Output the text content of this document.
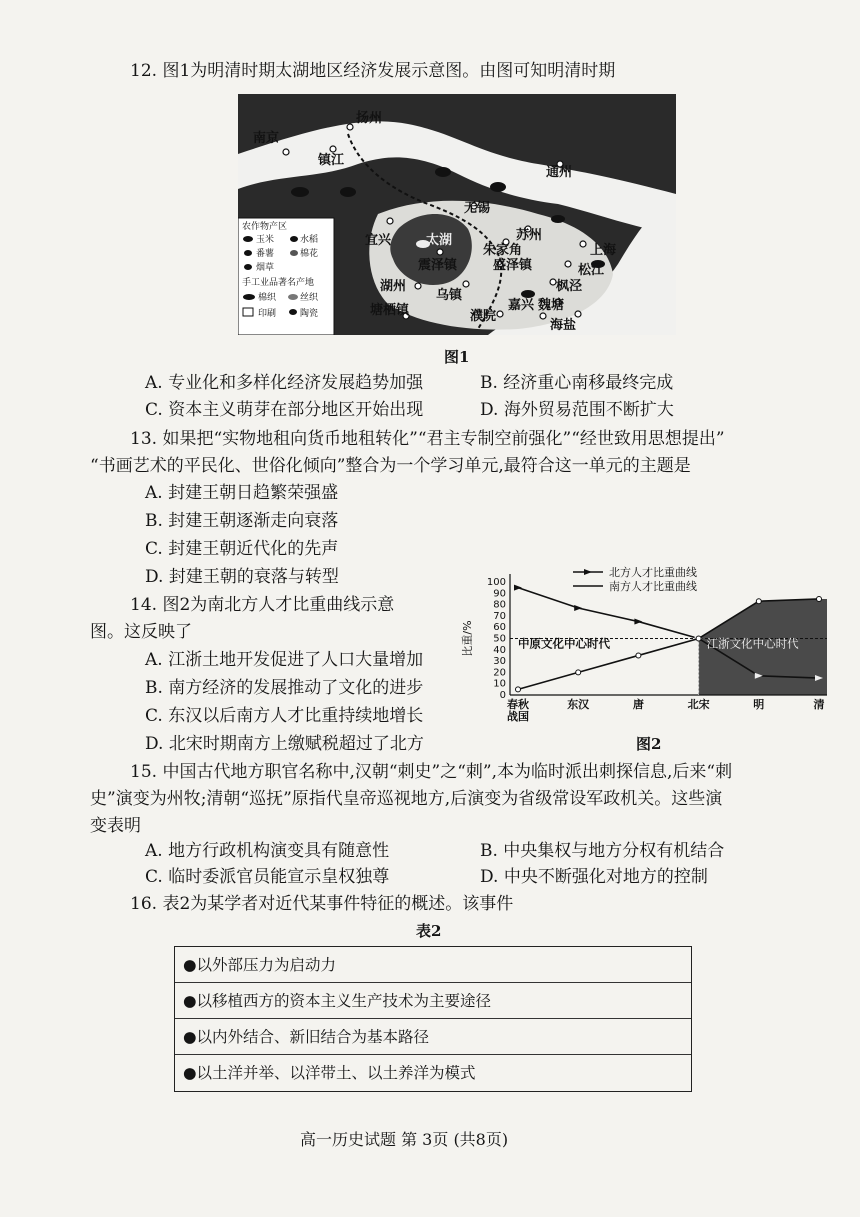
12. 图1为明清时期太湖地区经济发展示意图。由图可知明清时期
扬州
南京
镇江
通州
无锡
宜兴	太湖	苏州
朱家角	上海
震泽镇	盛泽镇	松江
枫泾
湖州
乌镇
魏塘
塘栖镇	濮院
嘉兴
海盐
农作物产区
玉米	水稻
番薯	棉花
烟草
手工业品著名产地
棉织	丝织
印刷	陶瓷
图1
A. 专业化和多样化经济发展趋势加强	B. 经济重心南移最终完成
C. 资本主义萌芽在部分地区开始出现	D. 海外贸易范围不断扩大
13. 如果把“实物地租向货币地租转化”“君主专制空前强化”“经世致用思想提出”
“书画艺术的平民化、世俗化倾向”整合为一个学习单元,最符合这一单元的主题是
A. 封建王朝日趋繁荣强盛
B. 封建王朝逐渐走向衰落
C. 封建王朝近代化的先声
D. 封建王朝的衰落与转型
14. 图2为南北方人才比重曲线示意
图。这反映了
A. 江浙土地开发促进了人口大量增加
B. 南方经济的发展推动了文化的进步
C. 东汉以后南方人才比重持续地增长
D. 北宋时期南方上缴赋税超过了北方
0
10
20
30
40
50
60
70
80
90
100
比重/%
春秋
战国
东汉	唐	北宋	明	清
中原文化中心时代	江浙文化中心时代
北方人才比重曲线
南方人才比重曲线
图2
15. 中国古代地方职官名称中,汉朝“刺史”之“刺”,本为临时派出刺探信息,后来“刺
史”演变为州牧;清朝“巡抚”原指代皇帝巡视地方,后演变为省级常设军政机关。这些演
变表明
A. 地方行政机构演变具有随意性	B. 中央集权与地方分权有机结合
C. 临时委派官员能宣示皇权独尊	D. 中央不断强化对地方的控制
16. 表2为某学者对近代某事件特征的概述。该事件
表2
●以外部压力为启动力
●以移植西方的资本主义生产技术为主要途径
●以内外结合、新旧结合为基本路径
●以土洋并举、以洋带土、以土养洋为模式
高一历史试题 第 3页 (共8页)
